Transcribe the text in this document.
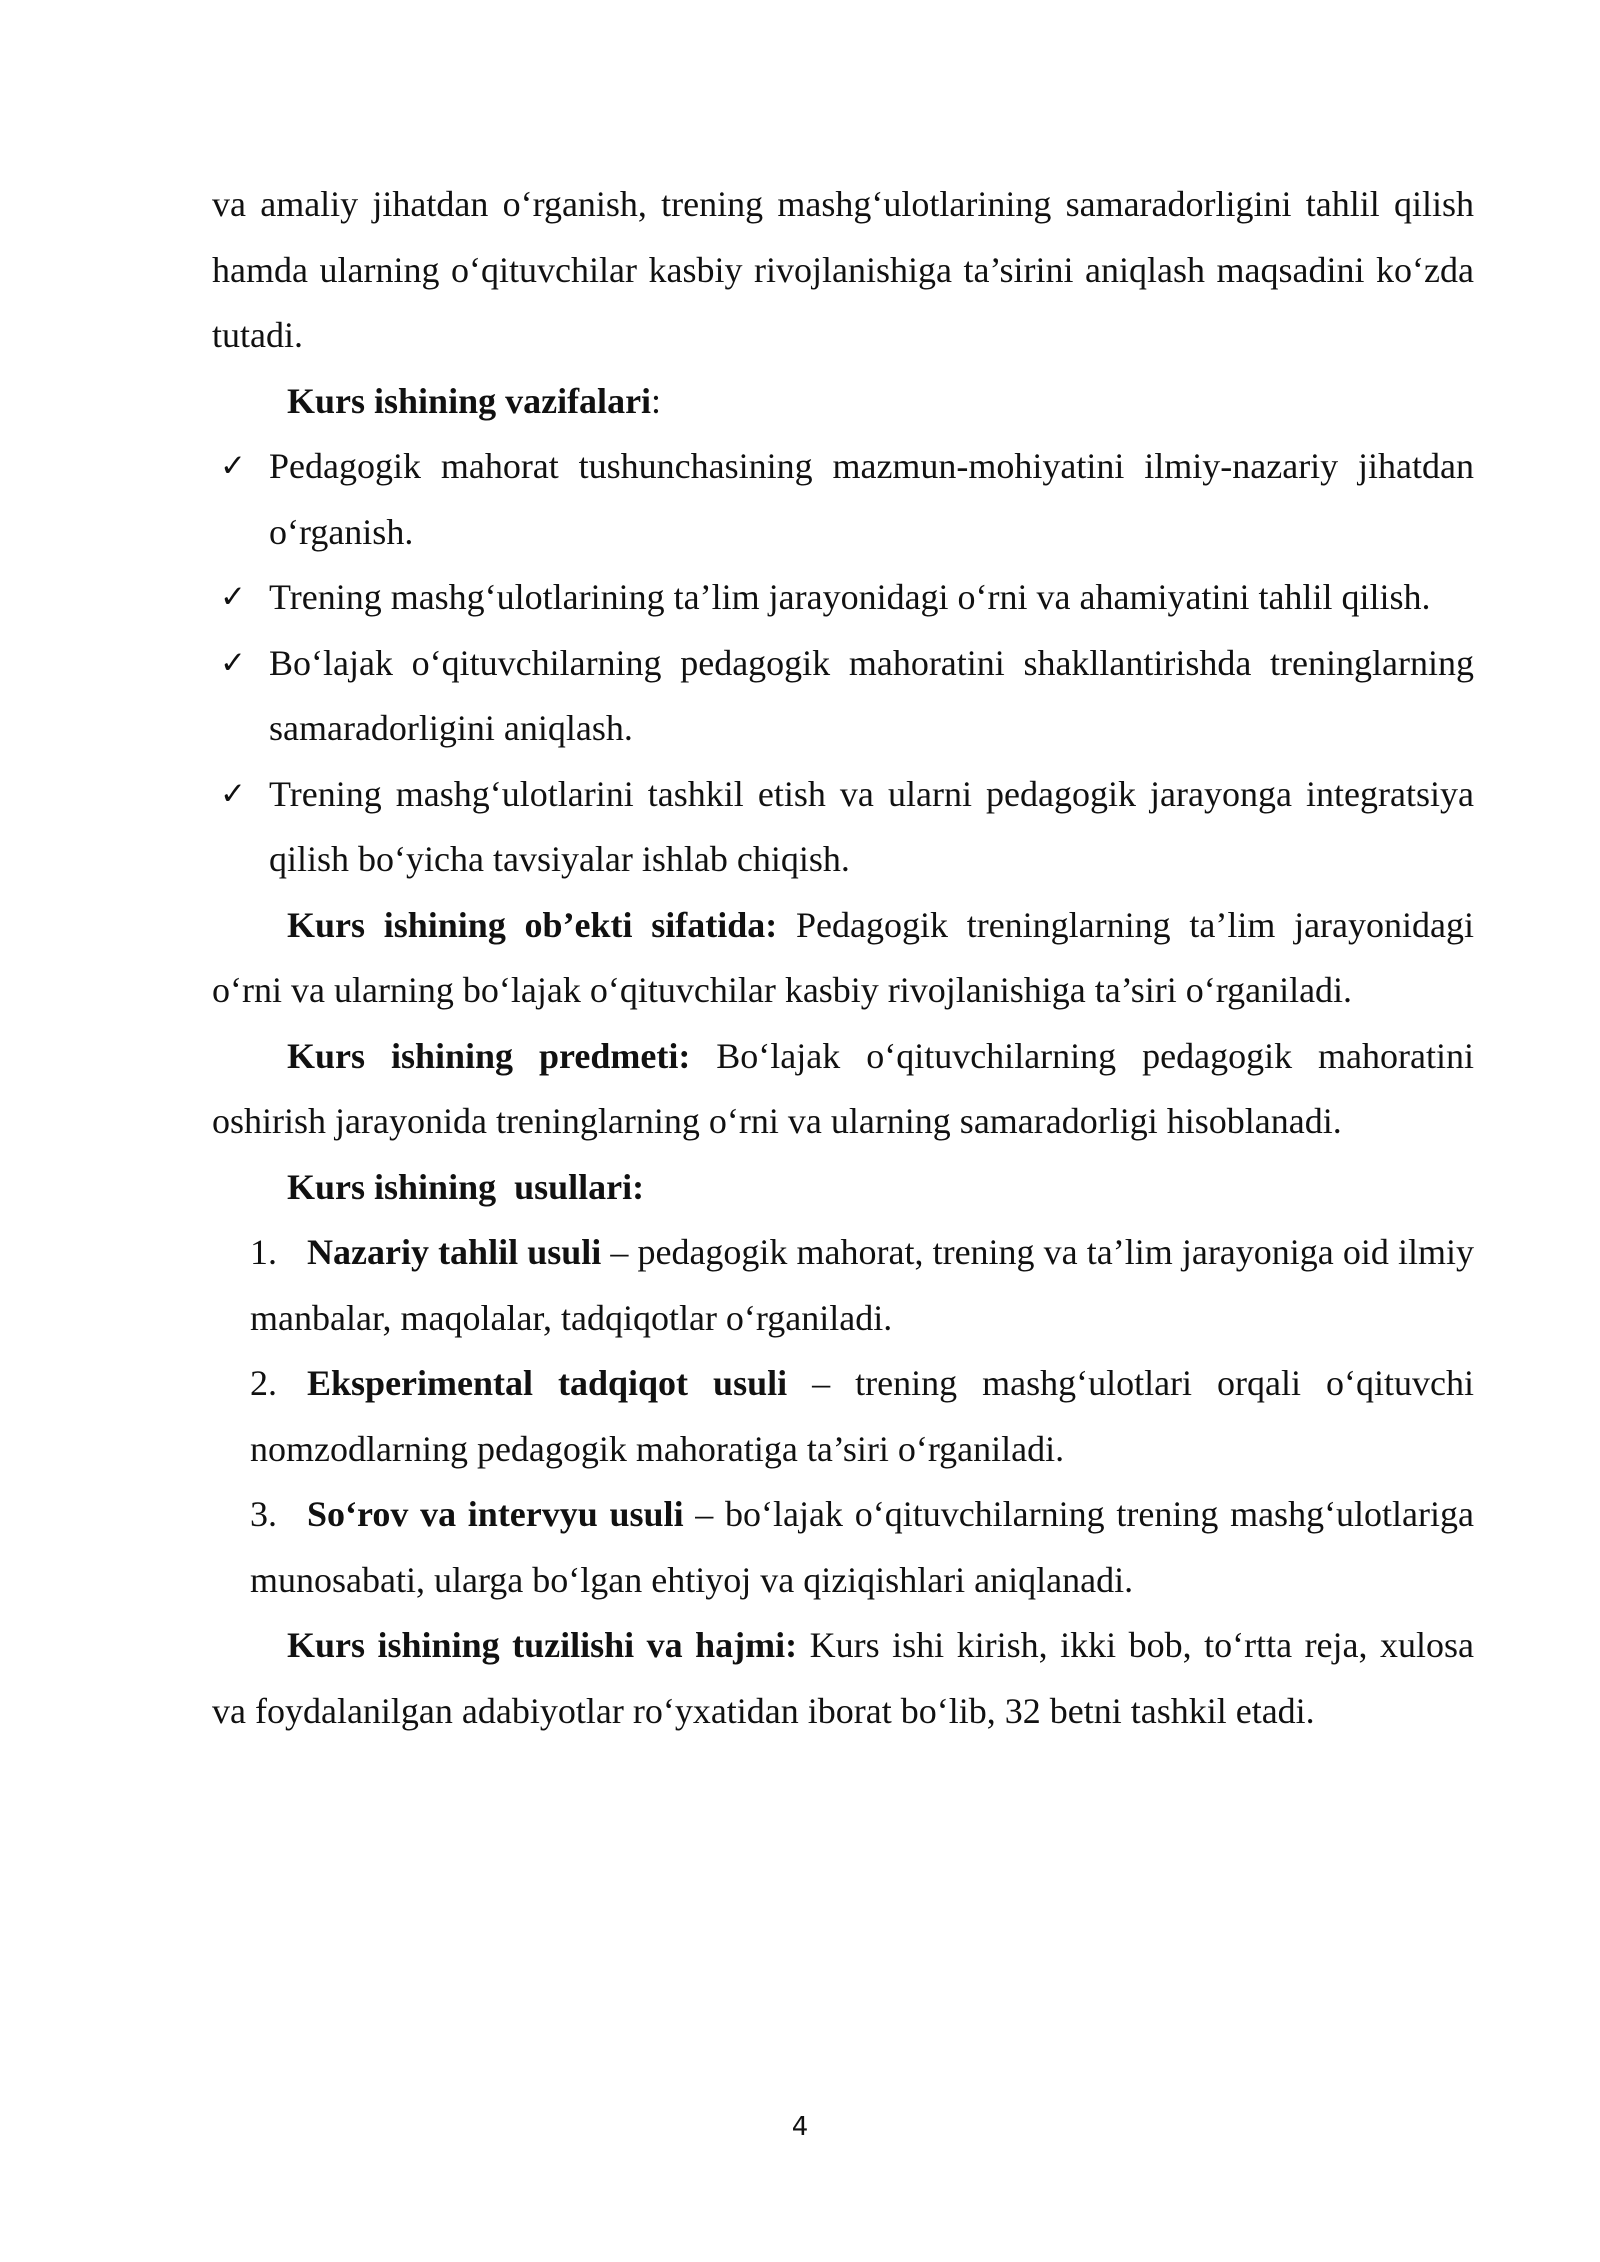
va amaliy jihatdan o‘rganish, trening mashg‘ulotlarining samaradorligini tahlil qilish hamda ularning o‘qituvchilar kasbiy rivojlanishiga ta’sirini aniqlash maqsadini ko‘zda tutadi.

Kurs ishining vazifalari:

✓ Pedagogik mahorat tushunchasining mazmun-mohiyatini ilmiy-nazariy jihatdan o‘rganish.
✓ Trening mashg‘ulotlarining ta’lim jarayonidagi o‘rni va ahamiyatini tahlil qilish.
✓ Bo‘lajak o‘qituvchilarning pedagogik mahoratini shakllantirishda treninglarning samaradorligini aniqlash.
✓ Trening mashg‘ulotlarini tashkil etish va ularni pedagogik jarayonga integratsiya qilish bo‘yicha tavsiyalar ishlab chiqish.

Kurs ishining ob’ekti sifatida: Pedagogik treninglarning ta’lim jarayonidagi o‘rni va ularning bo‘lajak o‘qituvchilar kasbiy rivojlanishiga ta’siri o‘rganiladi.

Kurs ishining predmeti: Bo‘lajak o‘qituvchilarning pedagogik mahoratini oshirish jarayonida treninglarning o‘rni va ularning samaradorligi hisoblanadi.

Kurs ishining  usullari:

1. Nazariy tahlil usuli – pedagogik mahorat, trening va ta’lim jarayoniga oid ilmiy manbalar, maqolalar, tadqiqotlar o‘rganiladi.
2. Eksperimental tadqiqot usuli – trening mashg‘ulotlari orqali o‘qituvchi nomzodlarning pedagogik mahoratiga ta’siri o‘rganiladi.
3. So‘rov va intervyu usuli – bo‘lajak o‘qituvchilarning trening mashg‘ulotlariga munosabati, ularga bo‘lgan ehtiyoj va qiziqishlari aniqlanadi.

Kurs ishining tuzilishi va hajmi: Kurs ishi kirish, ikki bob, to‘rtta reja, xulosa va foydalanilgan adabiyotlar ro‘yxatidan iborat bo‘lib, 32 betni tashkil etadi.

4
